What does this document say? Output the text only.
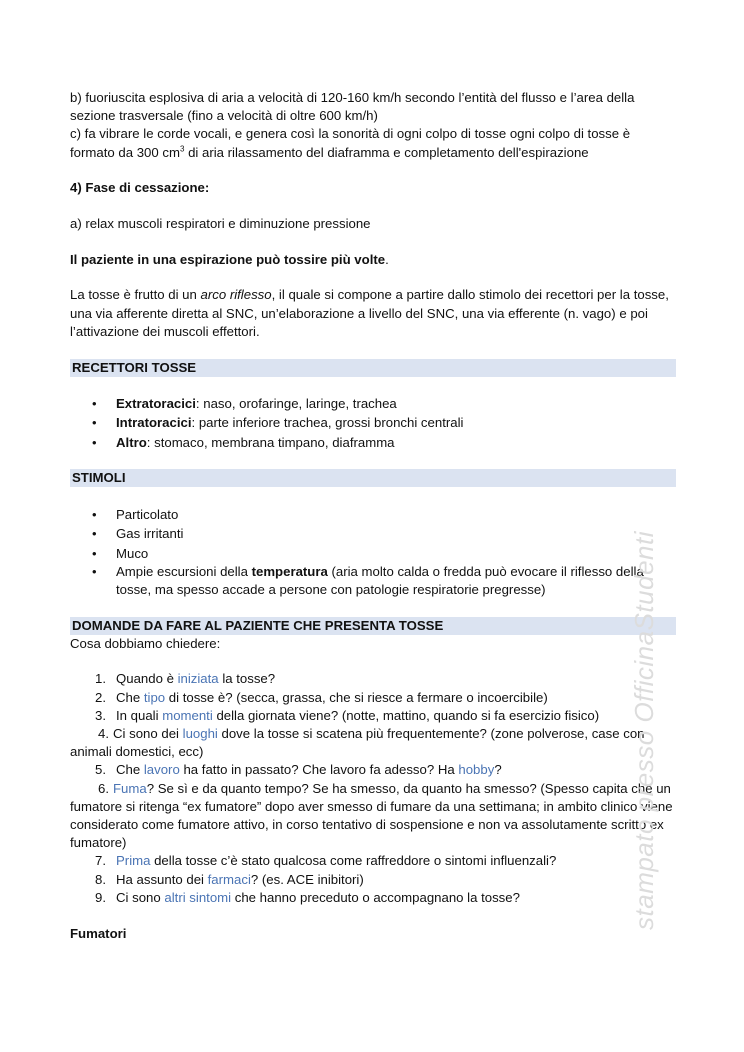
b) fuoriuscita esplosiva di aria a velocità di 120-160 km/h secondo l’entità del flusso e l’area della sezione trasversale (fino a velocità di oltre 600 km/h)

c) fa vibrare le corde vocali, e genera così la sonorità di ogni colpo di tosse ogni colpo di tosse è formato da 300 $cm^3$ di aria rilassamento del diaframma e completamento dell'espirazione

4) Fase di cessazione:

a) relax muscoli respiratori e diminuzione pressione

Il paziente in una espirazione può tossire più volte.

La tosse è frutto di un arco riflesso, il quale si compone a partire dallo stimolo dei recettori per la tosse, una via afferente diretta al SNC, un’elaborazione a livello del SNC, una via efferente (n. vago) e poi l’attivazione dei muscoli effettori.

RECETTORI TOSSE
• Extratoracici: naso, orofaringe, laringe, trachea
• Intratoracici: parte inferiore trachea, grossi bronchi centrali
• Altro: stomaco, membrana timpano, diaframma
STIMOLI
• Particolato
• Gas irritanti
• Muco
• Ampie escursioni della temperatura (aria molto calda o fredda può evocare il riflesso della tosse, ma spesso accade a persone con patologie respiratorie pregresse)
DOMANDE DA FARE AL PAZIENTE CHE PRESENTA TOSSE

Cosa dobbiamo chiedere:

1. Quando è iniziata la tosse?
2. Che tipo di tosse è? (secca, grassa, che si riesce a fermare o incoercibile)
3. In quali momenti della giornata viene? (notte, mattino, quando si fa esercizio fisico)
4. Ci sono dei luoghi dove la tosse si scatena più frequentemente? (zone polverose, case con animali domestici, ecc)
5. Che lavoro ha fatto in passato? Che lavoro fa adesso? Ha hobby?
6. Fuma? Se sì e da quanto tempo? Se ha smesso, da quanto ha smesso? (Spesso capita che un fumatore si ritenga “ex fumatore” dopo aver smesso di fumare da una settimana; in ambito clinico viene considerato come fumatore attivo, in corso tentativo di sospensione e non va assolutamente scritto ex fumatore)
7. Prima della tosse c’è stato qualcosa come raffreddore o sintomi influenzali?
8. Ha assunto dei farmaci? (es. ACE inibitori)
9. Ci sono altri sintomi che hanno preceduto o accompagnano la tosse?

Fumatori

stampato presso OfficinaStudenti
